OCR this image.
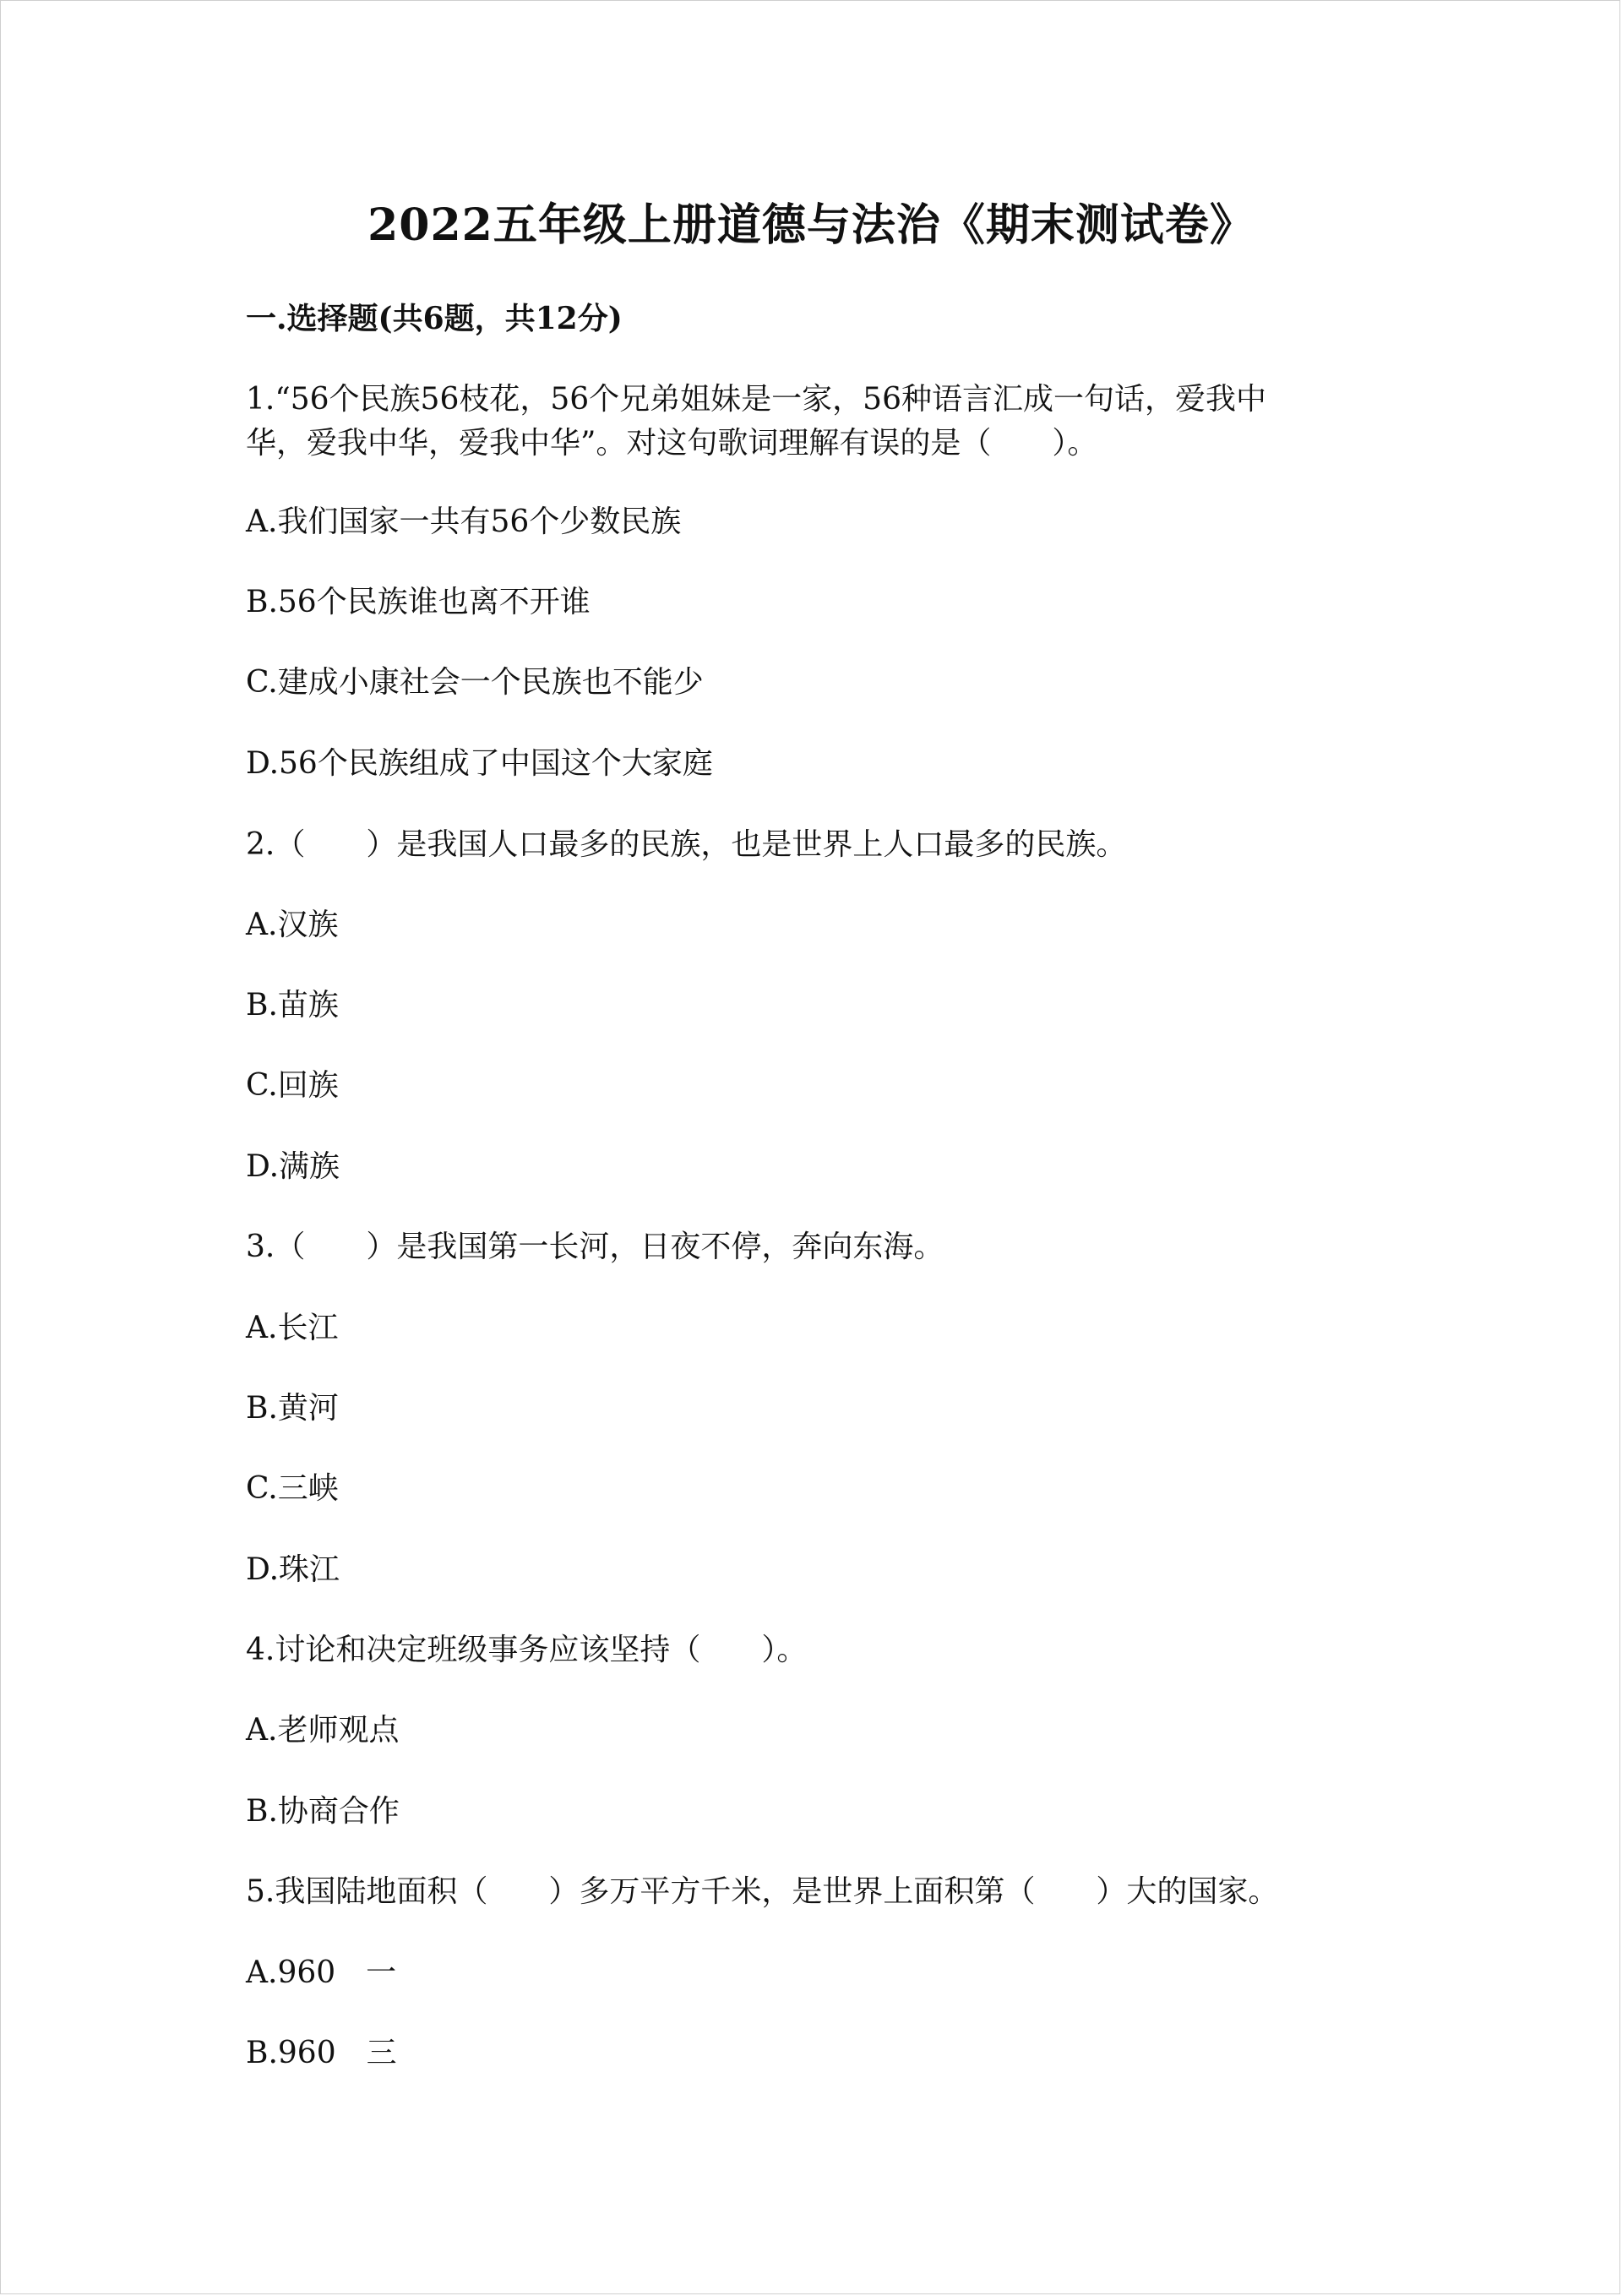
2022五年级上册道德与法治《期末测试卷》
一.选择题(共6题，共12分)
1.“56个民族56枝花，56个兄弟姐妹是一家，56种语言汇成一句话，爱我中
华，爱我中华，爱我中华”。对这句歌词理解有误的是（　　）。
A.我们国家一共有56个少数民族
B.56个民族谁也离不开谁
C.建成小康社会一个民族也不能少
D.56个民族组成了中国这个大家庭
2.（　　）是我国人口最多的民族，也是世界上人口最多的民族。
A.汉族
B.苗族
C.回族
D.满族
3.（　　）是我国第一长河，日夜不停，奔向东海。
A.长江
B.黄河
C.三峡
D.珠江
4.讨论和决定班级事务应该坚持（　　）。
A.老师观点
B.协商合作
5.我国陆地面积（　　）多万平方千米，是世界上面积第（　　）大的国家。
A.960　一
B.960　三
